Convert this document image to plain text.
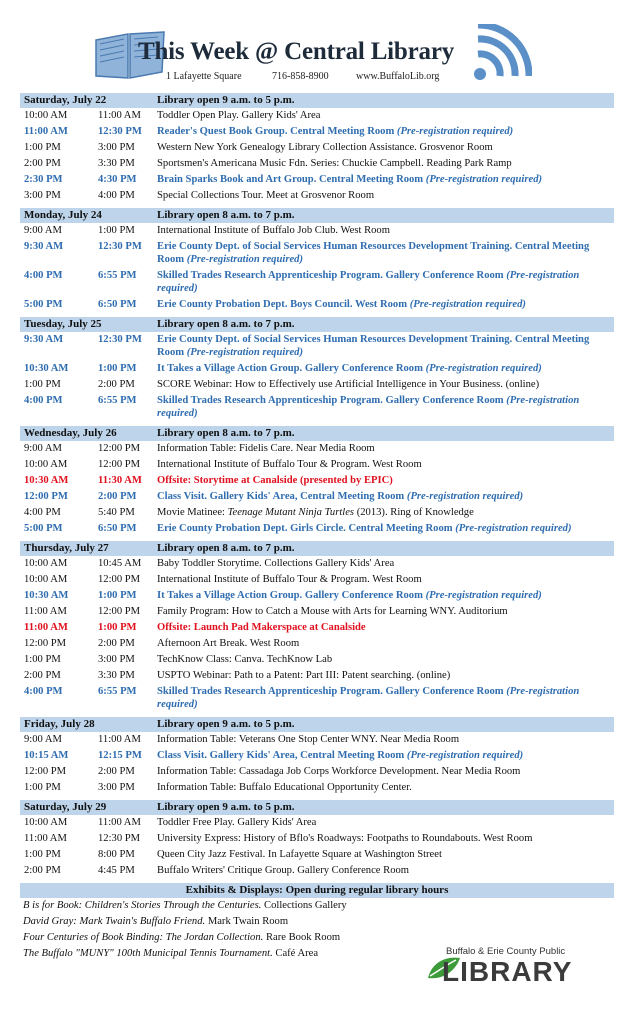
This Week @ Central Library
1 Lafayette Square	716-858-8900	www.BuffaloLib.org
Saturday, July 22	Library open 9 a.m. to 5 p.m.
10:00 AM	11:00 AM Toddler Open Play. Gallery Kids' Area
11:00 AM	12:30 PM Reader's Quest Book Group. Central Meeting Room (Pre-registration required)
1:00 PM	3:00 PM Western New York Genealogy Library Collection Assistance. Grosvenor Room
2:00 PM	3:30 PM Sportsmen's Americana Music Fdn. Series: Chuckie Campbell. Reading Park Ramp
2:30 PM	4:30 PM Brain Sparks Book and Art Group. Central Meeting Room (Pre-registration required)
3:00 PM	4:00 PM Special Collections Tour. Meet at Grosvenor Room
Monday, July 24	Library open 8 a.m. to 7 p.m.
9:00 AM	1:00 PM International Institute of Buffalo Job Club. West Room
9:30 AM	12:30 PM Erie County Dept. of Social Services Human Resources Development Training. Central Meeting Room (Pre-registration required)
4:00 PM	6:55 PM Skilled Trades Research Apprenticeship Program. Gallery Conference Room (Pre-registration required)
5:00 PM	6:50 PM Erie County Probation Dept. Boys Council. West Room (Pre-registration required)
Tuesday, July 25	Library open 8 a.m. to 7 p.m.
9:30 AM	12:30 PM Erie County Dept. of Social Services Human Resources Development Training. Central Meeting Room (Pre-registration required)
10:30 AM	1:00 PM It Takes a Village Action Group. Gallery Conference Room (Pre-registration required)
1:00 PM	2:00 PM SCORE Webinar: How to Effectively use Artificial Intelligence in Your Business. (online)
4:00 PM	6:55 PM Skilled Trades Research Apprenticeship Program. Gallery Conference Room (Pre-registration required)
Wednesday, July 26	Library open 8 a.m. to 7 p.m.
9:00 AM	12:00 PM Information Table: Fidelis Care. Near Media Room
10:00 AM	12:00 PM International Institute of Buffalo Tour & Program. West Room
10:30 AM	11:30 AM Offsite: Storytime at Canalside (presented by EPIC)
12:00 PM	2:00 PM Class Visit. Gallery Kids' Area, Central Meeting Room (Pre-registration required)
4:00 PM	5:40 PM Movie Matinee: Teenage Mutant Ninja Turtles (2013). Ring of Knowledge
5:00 PM	6:50 PM Erie County Probation Dept. Girls Circle. Central Meeting Room (Pre-registration required)
Thursday, July 27	Library open 8 a.m. to 7 p.m.
10:00 AM	10:45 AM Baby Toddler Storytime. Collections Gallery Kids' Area
10:00 AM	12:00 PM International Institute of Buffalo Tour & Program. West Room
10:30 AM	1:00 PM It Takes a Village Action Group. Gallery Conference Room (Pre-registration required)
11:00 AM	12:00 PM Family Program: How to Catch a Mouse with Arts for Learning WNY. Auditorium
11:00 AM	1:00 PM Offsite: Launch Pad Makerspace at Canalside
12:00 PM	2:00 PM Afternoon Art Break. West Room
1:00 PM	3:00 PM TechKnow Class: Canva. TechKnow Lab
2:00 PM	3:30 PM USPTO Webinar: Path to a Patent: Part III: Patent searching. (online)
4:00 PM	6:55 PM Skilled Trades Research Apprenticeship Program. Gallery Conference Room (Pre-registration required)
Friday, July 28	Library open 9 a.m. to 5 p.m.
9:00 AM	11:00 AM Information Table: Veterans One Stop Center WNY. Near Media Room
10:15 AM	12:15 PM Class Visit. Gallery Kids' Area, Central Meeting Room (Pre-registration required)
12:00 PM	2:00 PM Information Table: Cassadaga Job Corps Workforce Development. Near Media Room
1:00 PM	3:00 PM Information Table: Buffalo Educational Opportunity Center.
Saturday, July 29	Library open 9 a.m. to 5 p.m.
10:00 AM	11:00 AM Toddler Free Play. Gallery Kids' Area
11:00 AM	12:30 PM University Express: History of Bflo's Roadways: Footpaths to Roundabouts. West Room
1:00 PM	8:00 PM Queen City Jazz Festival. In Lafayette Square at Washington Street
2:00 PM	4:45 PM Buffalo Writers' Critique Group. Gallery Conference Room
Exhibits & Displays: Open during regular library hours
B is for Book: Children's Stories Through the Centuries. Collections Gallery
David Gray: Mark Twain's Buffalo Friend. Mark Twain Room
Four Centuries of Book Binding: The Jordan Collection. Rare Book Room
The Buffalo "MUNY" 100th Municipal Tennis Tournament. Café Area	Buffalo & Erie County Public
LIBRARY
